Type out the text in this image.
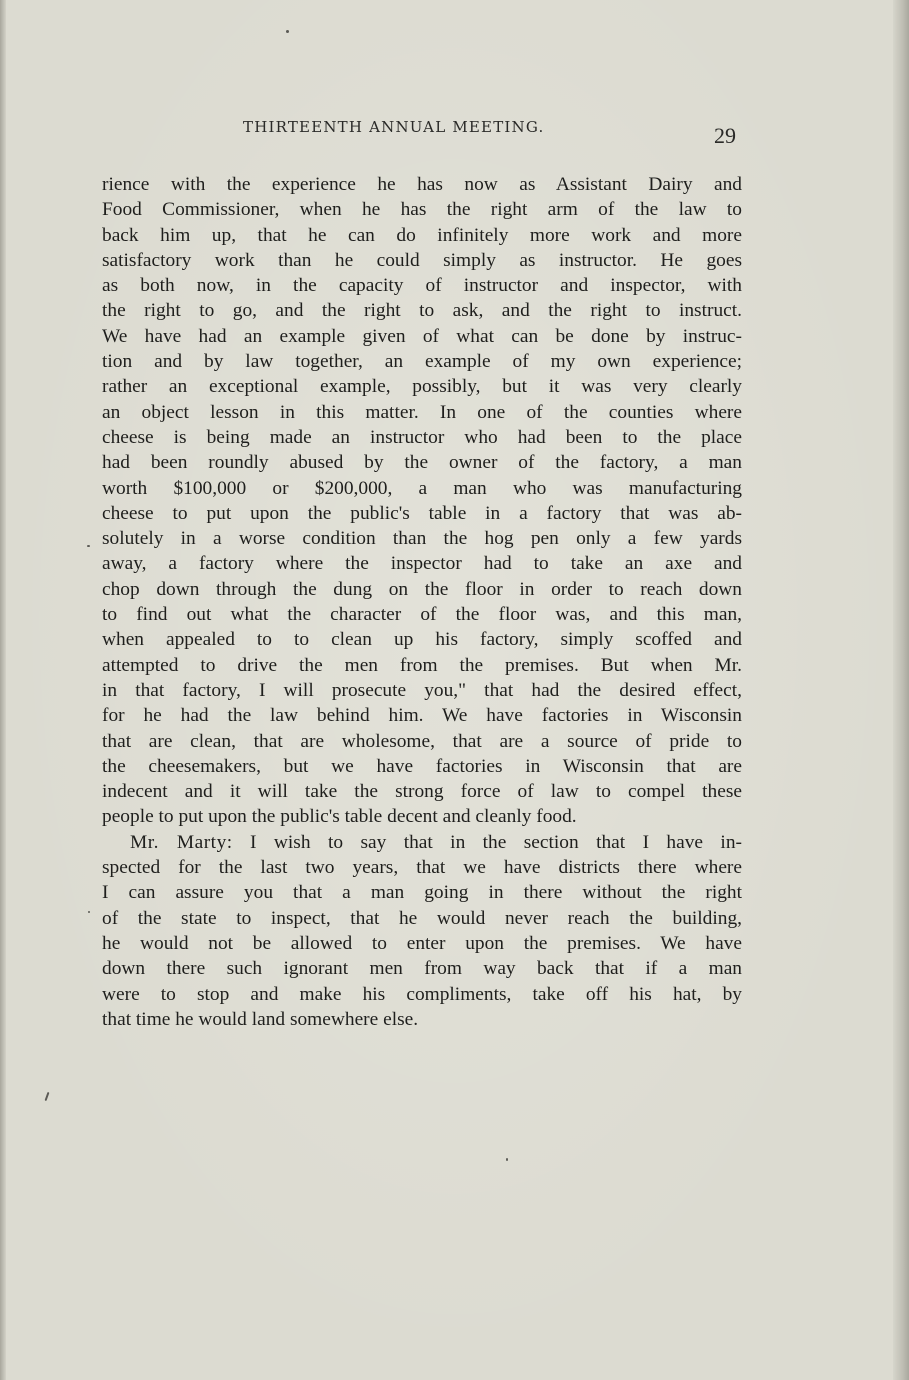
THIRTEENTH ANNUAL MEETING.	29
rience with the experience he has now as Assistant Dairy and
Food Commissioner, when he has the right arm of the law to
back him up, that he can do infinitely more work and more
satisfactory work than he could simply as instructor. He goes
as both now, in the capacity of instructor and inspector, with
the right to go, and the right to ask, and the right to instruct.
We have had an example given of what can be done by instruc-
tion and by law together, an example of my own experience;
rather an exceptional example, possibly, but it was very clearly
an object lesson in this matter. In one of the counties where
cheese is being made an instructor who had been to the place
had been roundly abused by the owner of the factory, a man
worth $100,000 or $200,000, a man who was manufacturing
cheese to put upon the public's table in a factory that was ab-
solutely in a worse condition than the hog pen only a few yards
away, a factory where the inspector had to take an axe and
chop down through the dung on the floor in order to reach down
to find out what the character of the floor was, and this man,
when appealed to to clean up his factory, simply scoffed and
attempted to drive the men from the premises. But when Mr.
in that factory, I will prosecute you," that had the desired effect,
for he had the law behind him. We have factories in Wisconsin
that are clean, that are wholesome, that are a source of pride to
the cheesemakers, but we have factories in Wisconsin that are
indecent and it will take the strong force of law to compel these
people to put upon the public's table decent and cleanly food.
Mr. Marty: I wish to say that in the section that I have in-
spected for the last two years, that we have districts there where
I can assure you that a man going in there without the right
of the state to inspect, that he would never reach the building,
he would not be allowed to enter upon the premises. We have
down there such ignorant men from way back that if a man
were to stop and make his compliments, take off his hat, by
that time he would land somewhere else.
